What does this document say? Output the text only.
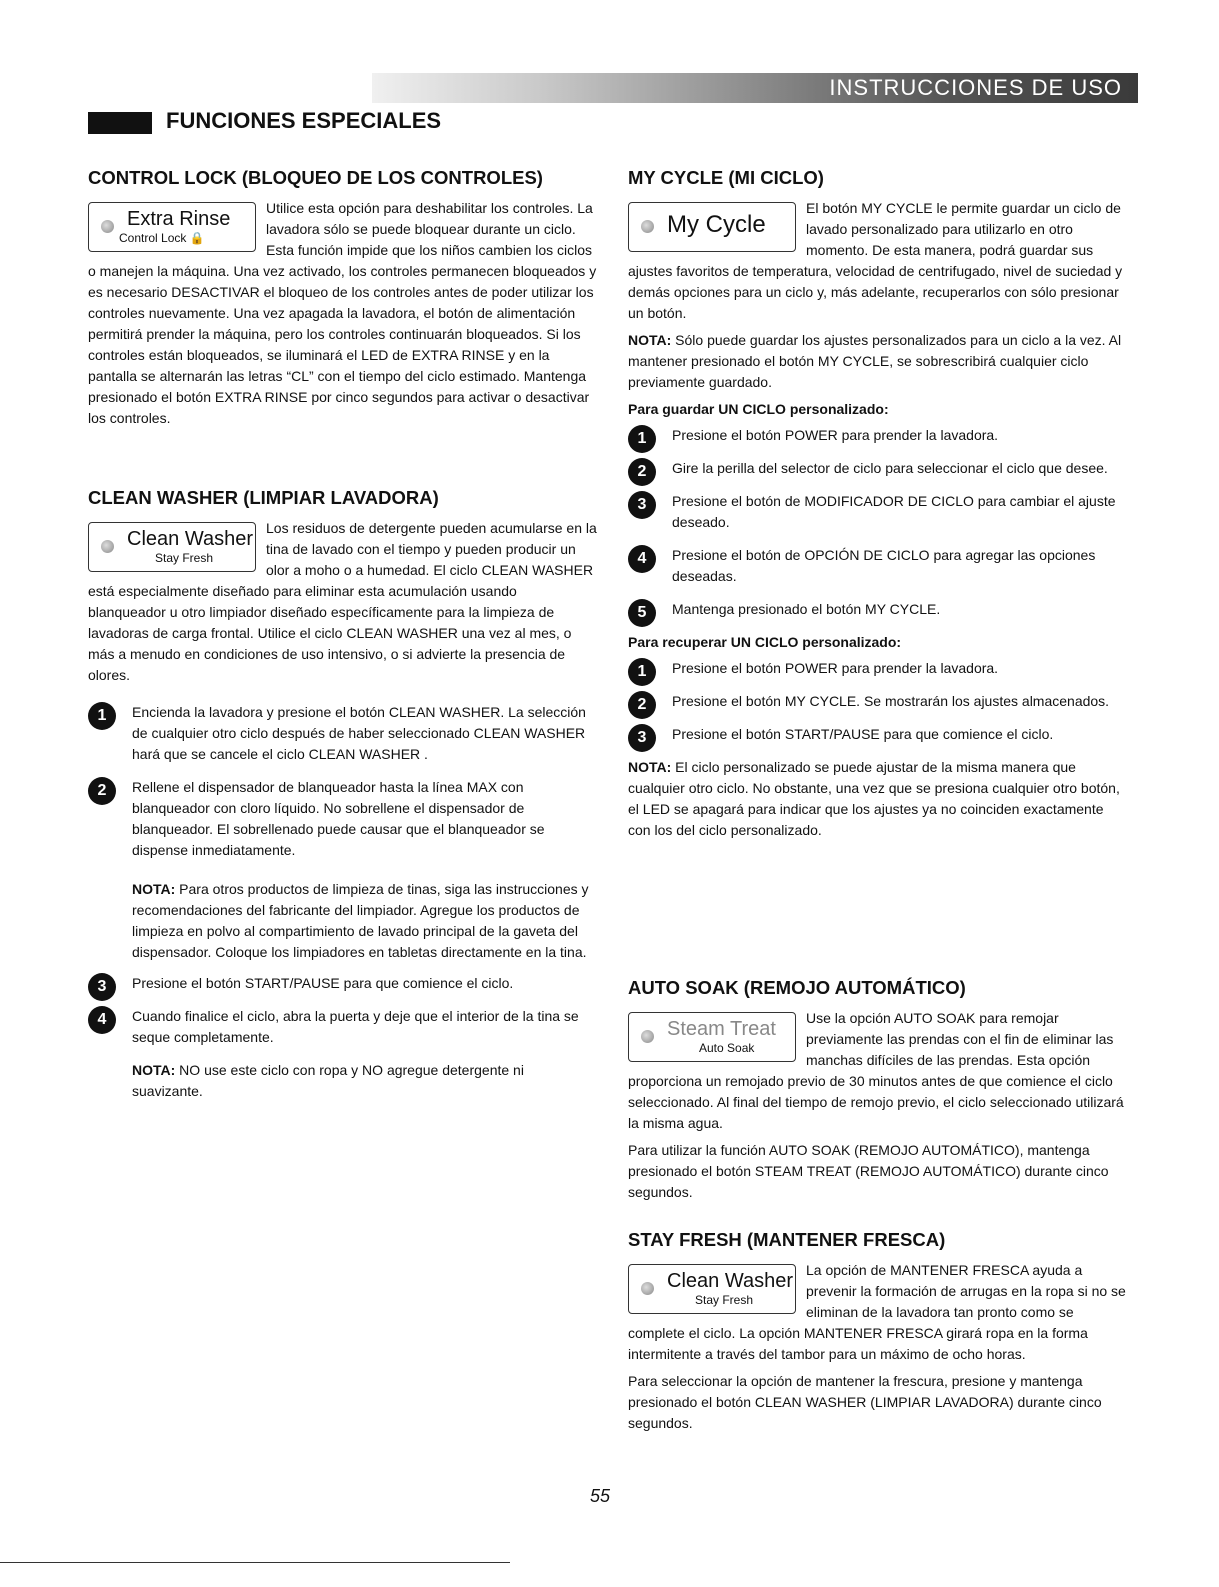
INSTRUCCIONES DE USO
FUNCIONES ESPECIALES
CONTROL LOCK (BLOQUEO DE LOS CONTROLES)
Extra Rinse
Control Lock 🔒

Utilice esta opción para deshabilitar los controles. La lavadora sólo se puede bloquear durante un ciclo. Esta función impide que los niños cambien los ciclos o manejen la máquina. Una vez activado, los controles permanecen bloqueados y es necesario DESACTIVAR el bloqueo de los controles antes de poder utilizar los controles nuevamente. Una vez apagada la lavadora, el botón de alimentación permitirá prender la máquina, pero los controles continuarán bloqueados. Si los controles están bloqueados, se iluminará el LED de EXTRA RINSE y en la pantalla se alternarán las letras “CL” con el tiempo del ciclo estimado. Mantenga presionado el botón EXTRA RINSE por cinco segundos para activar o desactivar los controles.

CLEAN WASHER (LIMPIAR LAVADORA)
Clean Washer
Stay Fresh

Los residuos de detergente pueden acumularse en la tina de lavado con el tiempo y pueden producir un olor a moho o a humedad. El ciclo CLEAN WASHER está especialmente diseñado para eliminar esta acumulación usando blanqueador u otro limpiador diseñado específicamente para la limpieza de lavadoras de carga frontal. Utilice el ciclo CLEAN WASHER una vez al mes, o más a menudo en condiciones de uso intensivo, o si advierte la presencia de olores.

1	Encienda la lavadora y presione el botón CLEAN WASHER. La selección de cualquier otro ciclo después de haber seleccionado CLEAN WASHER hará que se cancele el ciclo CLEAN WASHER .
2	Rellene el dispensador de blanqueador hasta la línea MAX con blanqueador con cloro líquido. No sobrellene el dispensador de blanqueador. El sobrellenado puede causar que el blanqueador se dispense inmediatamente.

NOTA: Para otros productos de limpieza de tinas, siga las instrucciones y recomendaciones del fabricante del limpiador. Agregue los productos de limpieza en polvo al compartimiento de lavado principal de la gaveta del dispensador. Coloque los limpiadores en tabletas directamente en la tina.

3	Presione el botón START/PAUSE para que comience el ciclo.
4	Cuando finalice el ciclo, abra la puerta y deje que el interior de la tina se seque completamente.

NOTA: NO use este ciclo con ropa y NO agregue detergente ni suavizante.

MY CYCLE (MI CICLO)
My Cycle

El botón MY CYCLE le permite guardar un ciclo de lavado personalizado para utilizarlo en otro momento. De esta manera, podrá guardar sus ajustes favoritos de temperatura, velocidad de centrifugado, nivel de suciedad y demás opciones para un ciclo y, más adelante, recuperarlos con sólo presionar un botón.

NOTA: Sólo puede guardar los ajustes personalizados para un ciclo a la vez. Al mantener presionado el botón MY CYCLE, se sobrescribirá cualquier ciclo previamente guardado.

Para guardar UN CICLO personalizado:

1	Presione el botón POWER para prender la lavadora.
2	Gire la perilla del selector de ciclo para seleccionar el ciclo que desee.
3	Presione el botón de MODIFICADOR DE CICLO para cambiar el ajuste deseado.
4	Presione el botón de OPCIÓN DE CICLO para agregar las opciones deseadas.
5	Mantenga presionado el botón MY CYCLE.

Para recuperar UN CICLO personalizado:

1	Presione el botón POWER para prender la lavadora.
2	Presione el botón MY CYCLE. Se mostrarán los ajustes almacenados.
3	Presione el botón START/PAUSE para que comience el ciclo.

NOTA: El ciclo personalizado se puede ajustar de la misma manera que cualquier otro ciclo. No obstante, una vez que se presiona cualquier otro botón, el LED se apagará para indicar que los ajustes ya no coinciden exactamente con los del ciclo personalizado.

AUTO SOAK (REMOJO AUTOMÁTICO)
Steam Treat
Auto Soak

Use la opción AUTO SOAK para remojar previamente las prendas con el fin de eliminar las manchas difíciles de las prendas. Esta opción proporciona un remojado previo de 30 minutos antes de que comience el ciclo seleccionado. Al final del tiempo de remojo previo, el ciclo seleccionado utilizará la misma agua.

Para utilizar la función AUTO SOAK (REMOJO AUTOMÁTICO), mantenga presionado el botón STEAM TREAT (REMOJO AUTOMÁTICO) durante cinco segundos.

STAY FRESH (MANTENER FRESCA)
Clean Washer
Stay Fresh

La opción de MANTENER FRESCA ayuda a prevenir la formación de arrugas en la ropa si no se eliminan de la lavadora tan pronto como se complete el ciclo. La opción MANTENER FRESCA girará ropa en la forma intermitente a través del tambor para un máximo de ocho horas.

Para seleccionar la opción de mantener la frescura, presione y mantenga presionado el botón CLEAN WASHER (LIMPIAR LAVADORA) durante cinco segundos.

55
